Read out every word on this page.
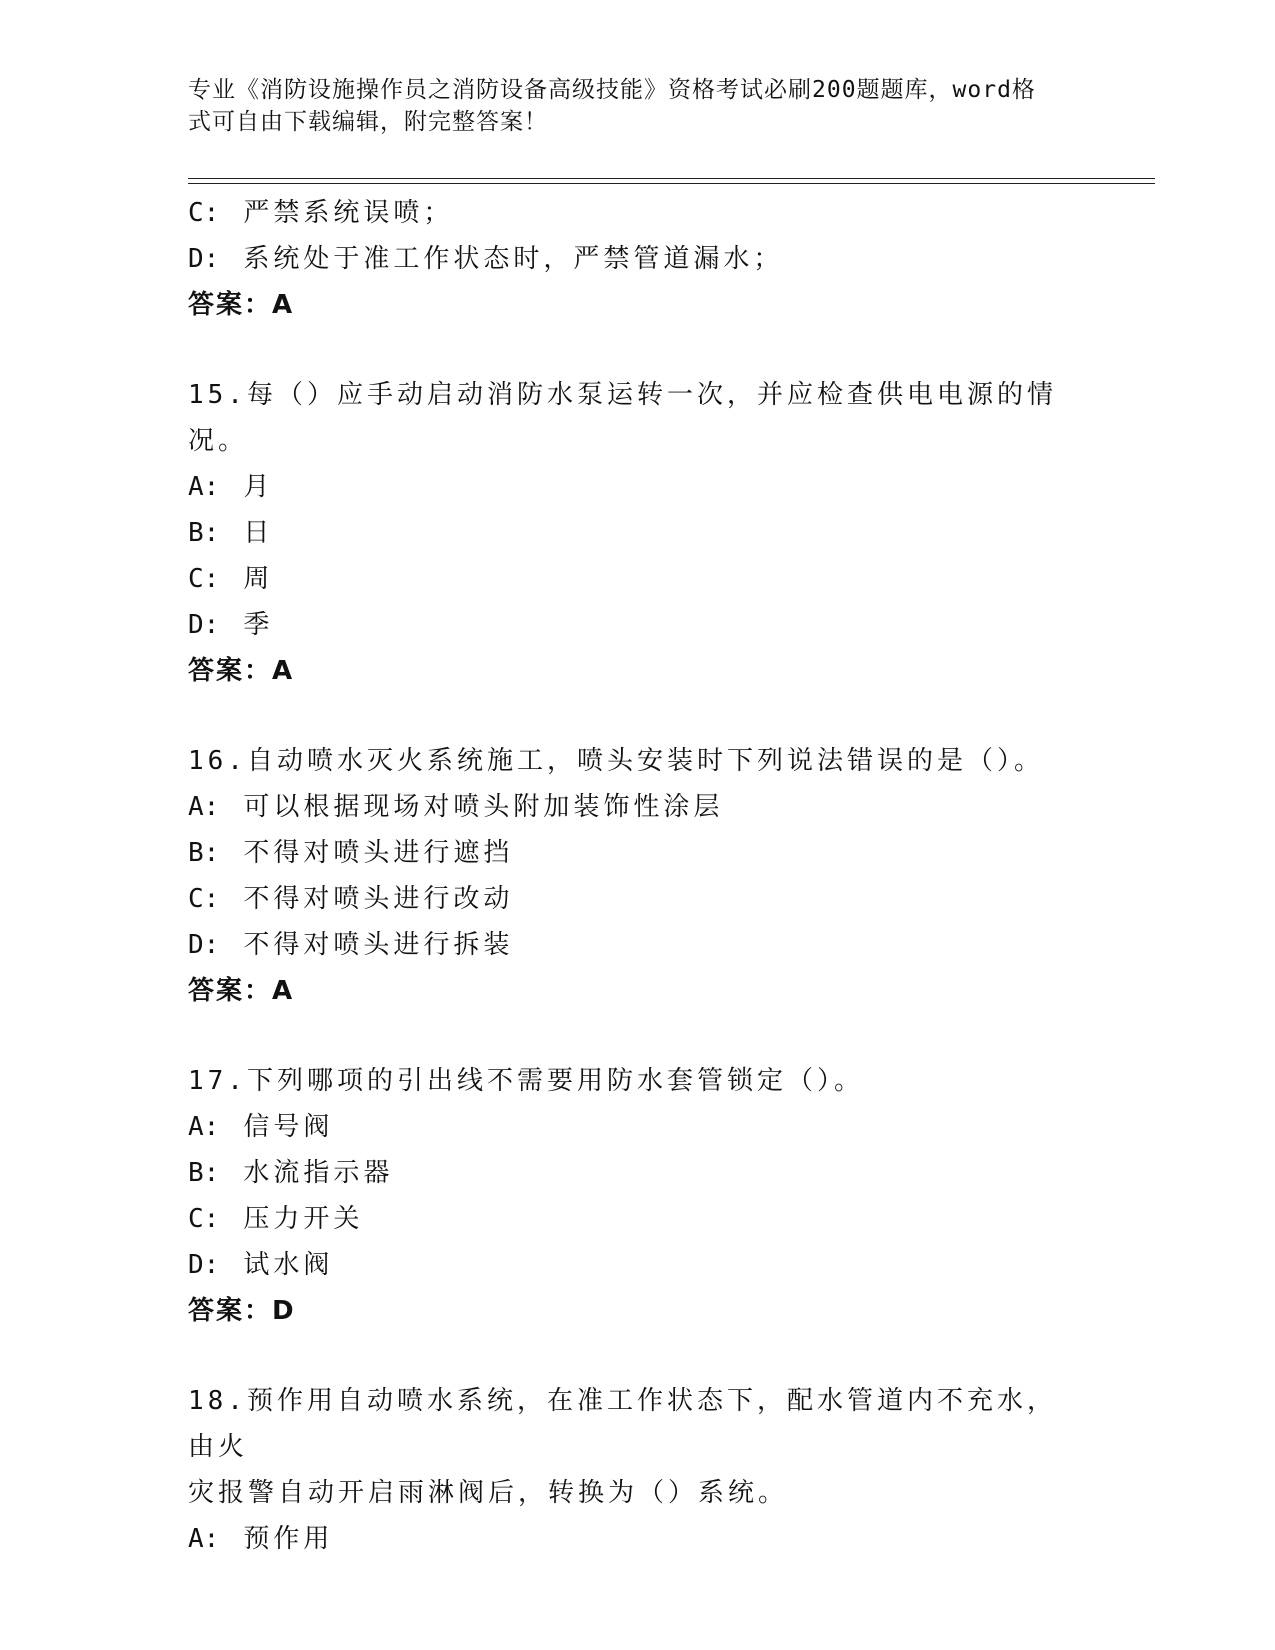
专业《消防设施操作员之消防设备高级技能》资格考试必刷200题题库，word格
式可自由下载编辑，附完整答案！
C: 严禁系统误喷；
D: 系统处于准工作状态时，严禁管道漏水；
答案：A
15.每（）应手动启动消防水泵运转一次，并应检查供电电源的情况。
A: 月
B: 日
C: 周
D: 季
答案：A
16.自动喷水灭火系统施工，喷头安装时下列说法错误的是（）。
A: 可以根据现场对喷头附加装饰性涂层
B: 不得对喷头进行遮挡
C: 不得对喷头进行改动
D: 不得对喷头进行拆装
答案：A
17.下列哪项的引出线不需要用防水套管锁定（）。
A: 信号阀
B: 水流指示器
C: 压力开关
D: 试水阀
答案：D
18.预作用自动喷水系统，在准工作状态下，配水管道内不充水，由火
灾报警自动开启雨淋阀后，转换为（）系统。
A: 预作用
